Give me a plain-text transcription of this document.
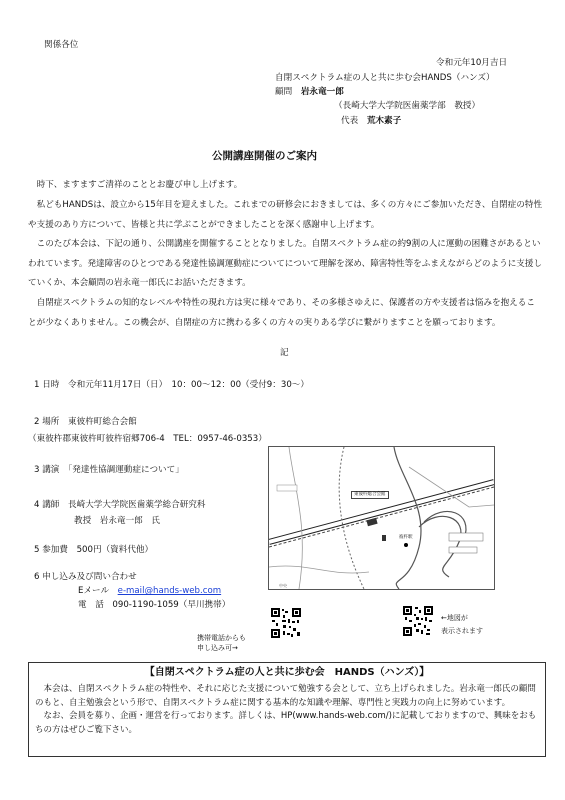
関係各位
令和元年10月吉日
自閉スペクトラム症の人と共に歩む会HANDS（ハンズ）
顧問　 岩永竜一郎
（長崎大学大学院医歯薬学部　教授）
代表　 荒木素子
公開講座開催のご案内
時下、ますますご清祥のこととお慶び申し上げます。
私どもHANDSは、設立から15年目を迎えました。これまでの研修会におきましては、多くの方々にご参加いただき、自閉症の特性や支援のあり方について、皆様と共に学ぶことができましたことを深く感謝申し上げます。
このたび本会は、下記の通り、公開講座を開催することとなりました。自閉スペクトラム症の約9割の人に運動の困難さがあるといわれています。発達障害のひとつである発達性協調運動症についてについて理解を深め、障害特性等をふまえながらどのように支援していくか、本会顧問の岩永竜一郎氏にお話いただきます。
自閉症スペクトラムの知的なレベルや特性の現れ方は実に様々であり、その多様さゆえに、保護者の方や支援者は悩みを抱えることが少なくありません。この機会が、自閉症の方に携わる多くの方々の実りある学びに繋がりますことを願っております。
記
1 日時　 令和元年11月17日（日）　10：00～12：00（受付9：30～）
2 場所　 東彼杵町総合会館
（東彼杵郡東彼杵町彼杵宿郷706-4　TEL：0957-46-0353）
3 講演　 「発達性協調運動症について」
4 講師　 長崎大学大学院医歯薬学総合研究科
教授　岩永竜一郎　氏
5 参加費　 500円（資料代他）
6 申し込み及び問い合わせ
Eメール　 e-mail@hands-web.com
電　話　 090-1190-1059（早川携帯）
中央
東彼杵総合会館
彼杵駅
携帯電話からも
申し込み可→
←地図が
表示されます
【自閉スペクトラム症の人と共に歩む会　HANDS（ハンズ）】
本会は、自閉スペクトラム症の特性や、それに応じた支援について勉強する会として、立ち上げられました。岩永竜一郎氏の顧問のもと、自主勉強会という形で、自閉スペクトラム症に関する基本的な知識や理解、専門性と実践力の向上に努めています。
なお、会員を募り、企画・運営を行っております。詳しくは、HP(www.hands-web.com/)に記載しておりますので、興味をおもちの方はぜひご覧下さい。
